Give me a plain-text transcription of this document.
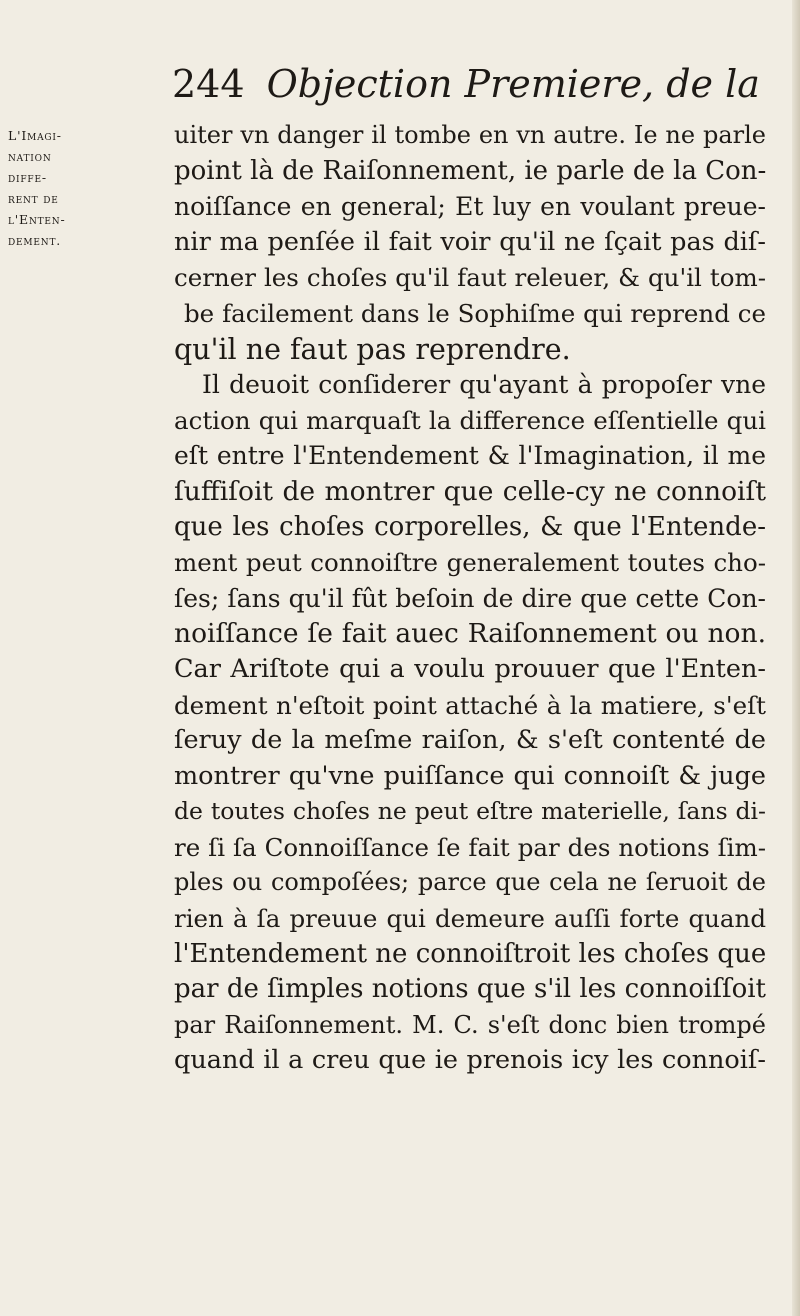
244 Objection Premiere, de la
L'Imagi-
nation
diffe-
rent de
l'Enten-
dement.
uiter vn danger il tombe en vn autre. Ie ne parle
point là de Raiſonnement, ie parle de la Con-
noiſſance en general; Et luy en voulant preue-
nir ma penſée il fait voir qu'il ne ſçait pas diſ-
cerner les choſes qu'il faut releuer, & qu'il tom-
be facilement dans le Sophiſme qui reprend ce
qu'il ne faut pas reprendre.
Il deuoit conſiderer qu'ayant à propoſer vne
action qui marquaſt la difference eſſentielle qui
eſt entre l'Entendement & l'Imagination, il me
ſuffiſoit de montrer que celle-cy ne connoiſt
que les choſes corporelles, & que l'Entende-
ment peut connoiſtre generalement toutes cho-
ſes; ſans qu'il fût beſoin de dire que cette Con-
noiſſance ſe fait auec Raiſonnement ou non.
Car Ariſtote qui a voulu prouuer que l'Enten-
dement n'eſtoit point attaché à la matiere, s'eſt
ſeruy de la meſme raiſon, & s'eſt contenté de
montrer qu'vne puiſſance qui connoiſt & juge
de toutes choſes ne peut eſtre materielle, ſans di-
re ſi ſa Connoiſſance ſe fait par des notions ſim-
ples ou compoſées; parce que cela ne ſeruoit de
rien à ſa preuue qui demeure auſſi forte quand
l'Entendement ne connoiſtroit les choſes que
par de ſimples notions que s'il les connoiſſoit
par Raiſonnement. M. C. s'eſt donc bien trompé
quand il a creu que ie prenois icy les connoiſ-
